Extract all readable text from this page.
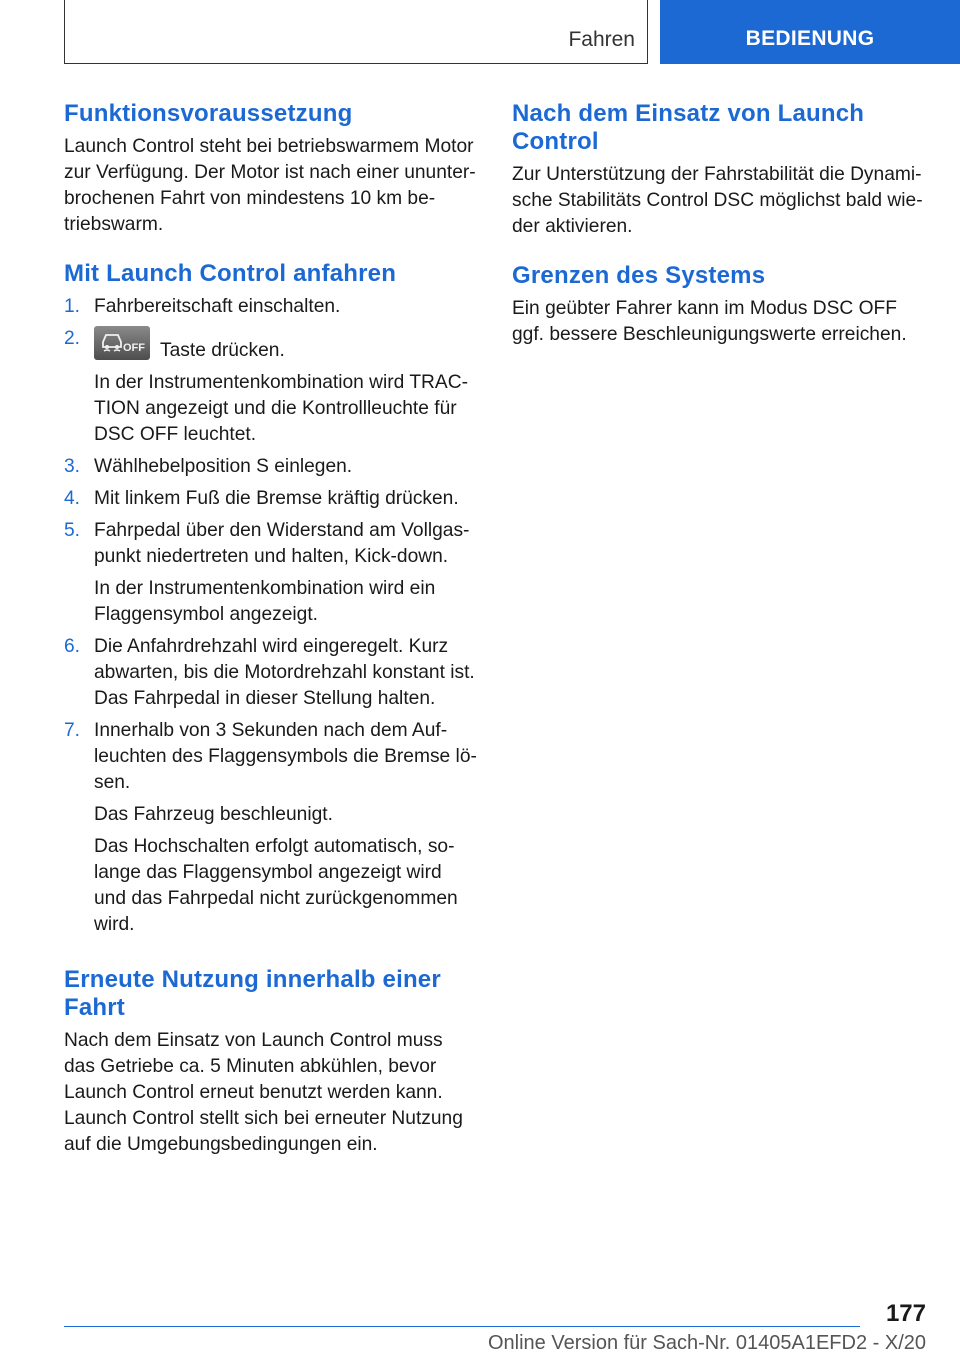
Fahren	BEDIENUNG
Funktionsvoraussetzung

Launch Control steht bei betriebswarmem Motor zur Verfügung. Der Motor ist nach einer ununterbrochenen Fahrt von mindestens 10 km betriebswarm.

Mit Launch Control anfahren
1. Fahrbereitschaft einschalten.

2.	OFF Taste drücken.

In der Instrumentenkombination wird TRACTION angezeigt und die Kontrollleuchte für DSC OFF leuchtet.

3. Wählhebelposition S einlegen.

4. Mit linkem Fuß die Bremse kräftig drücken.

5. Fahrpedal über den Widerstand am Vollgaspunkt niedertreten und halten, Kick-down.

In der Instrumentenkombination wird ein Flaggensymbol angezeigt.

6. Die Anfahrdrehzahl wird eingeregelt. Kurz abwarten, bis die Motordrehzahl konstant ist. Das Fahrpedal in dieser Stellung halten.

7. Innerhalb von 3 Sekunden nach dem Aufleuchten des Flaggensymbols die Bremse lösen.

Das Fahrzeug beschleunigt.

Das Hochschalten erfolgt automatisch, solange das Flaggensymbol angezeigt wird und das Fahrpedal nicht zurückgenommen wird.

Erneute Nutzung innerhalb einer Fahrt

Nach dem Einsatz von Launch Control muss das Getriebe ca. 5 Minuten abkühlen, bevor Launch Control erneut benutzt werden kann. Launch Control stellt sich bei erneuter Nutzung auf die Umgebungsbedingungen ein.

Nach dem Einsatz von Launch Control

Zur Unterstützung der Fahrstabilität die Dynamische Stabilitäts Control DSC möglichst bald wieder aktivieren.

Grenzen des Systems

Ein geübter Fahrer kann im Modus DSC OFF ggf. bessere Beschleunigungswerte erreichen.

177
Online Version für Sach-Nr. 01405A1EFD2 - X/20
